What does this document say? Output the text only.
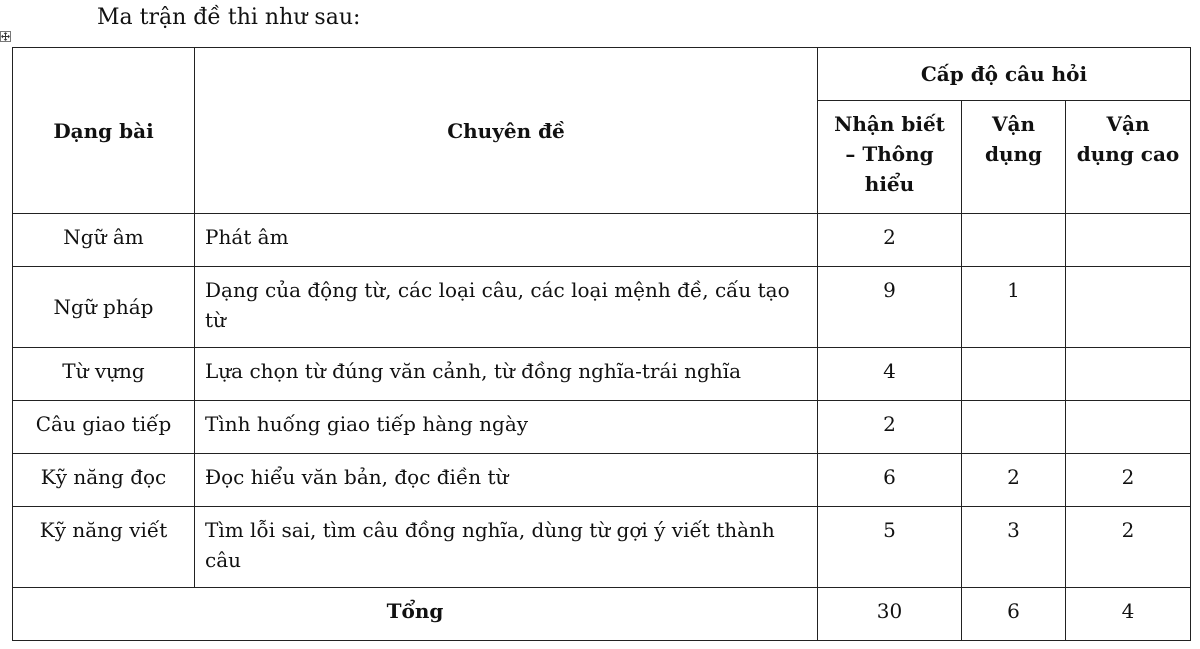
Ma trận đề thi như sau:
Dạng bài	Chuyên đề	Cấp độ câu hỏi		
		Nhận biết – Thông hiểu	Vận dụng	Vận dụng cao
Ngữ âm	Phát âm	2		
Ngữ pháp	Dạng của động từ, các loại câu, các loại mệnh đề, cấu tạo từ	9	1	
Từ vựng	Lựa chọn từ đúng văn cảnh, từ đồng nghĩa-trái nghĩa	4		
Câu giao tiếp	Tình huống giao tiếp hàng ngày	2		
Kỹ năng đọc	Đọc hiểu văn bản, đọc điền từ	6	2	2
Kỹ năng viết	Tìm lỗi sai, tìm câu đồng nghĩa, dùng từ gợi ý viết thành câu	5	3	2
Tổng		30	6	4
